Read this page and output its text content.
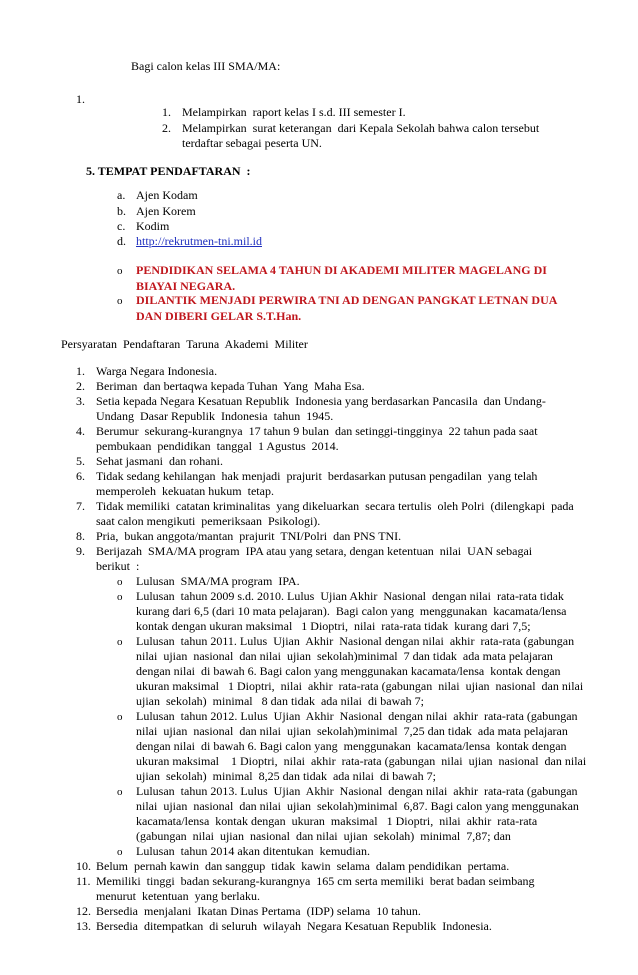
Bagi calon kelas III SMA/MA:
1.
1. Melampirkan  raport kelas I s.d. III semester I.
2. Melampirkan  surat keterangan  dari Kepala Sekolah bahwa calon tersebut
terdaftar sebagai peserta UN.
5. TEMPAT PENDAFTARAN  :
a. Ajen Kodam
b. Ajen Korem
c. Kodim
d. http://rekrutmen-tni.mil.id
o PENDIDIKAN SELAMA 4 TAHUN DI AKADEMI MILITER MAGELANG DI
BIAYAI NEGARA.
o DILANTIK MENJADI PERWIRA TNI AD DENGAN PANGKAT LETNAN DUA
DAN DIBERI GELAR S.T.Han.
Persyaratan  Pendaftaran  Taruna  Akademi  Militer
1. Warga Negara Indonesia.
2. Beriman  dan bertaqwa kepada Tuhan  Yang  Maha Esa.
3. Setia kepada Negara Kesatuan Republik  Indonesia yang berdasarkan Pancasila  dan Undang-
Undang  Dasar Republik  Indonesia  tahun  1945.
4. Berumur  sekurang-kurangnya  17 tahun 9 bulan  dan setinggi-tingginya  22 tahun pada saat
pembukaan  pendidikan  tanggal  1 Agustus  2014.
5. Sehat jasmani  dan rohani.
6. Tidak sedang kehilangan  hak menjadi  prajurit  berdasarkan putusan pengadilan  yang telah
memperoleh  kekuatan hukum  tetap.
7. Tidak memiliki  catatan kriminalitas  yang dikeluarkan  secara tertulis  oleh Polri  (dilengkapi  pada
saat calon mengikuti  pemeriksaan  Psikologi).
8. Pria,  bukan anggota/mantan  prajurit  TNI/Polri  dan PNS TNI.
9. Berijazah  SMA/MA program  IPA atau yang setara, dengan ketentuan  nilai  UAN sebagai
berikut  :
o Lulusan  SMA/MA program  IPA.
o Lulusan  tahun 2009 s.d. 2010. Lulus  Ujian Akhir  Nasional  dengan nilai  rata-rata tidak
kurang dari 6,5 (dari 10 mata pelajaran).  Bagi calon yang  menggunakan  kacamata/lensa
kontak dengan ukuran maksimal   1 Dioptri,  nilai  rata-rata tidak  kurang dari 7,5;
o Lulusan  tahun 2011. Lulus  Ujian  Akhir  Nasional dengan nilai  akhir  rata-rata (gabungan
nilai  ujian  nasional  dan nilai  ujian  sekolah)minimal  7 dan tidak  ada mata pelajaran
dengan nilai  di bawah 6. Bagi calon yang menggunakan kacamata/lensa  kontak dengan
ukuran maksimal   1 Dioptri,  nilai  akhir  rata-rata (gabungan  nilai  ujian  nasional  dan nilai
ujian  sekolah)  minimal   8 dan tidak  ada nilai  di bawah 7;
o Lulusan  tahun 2012. Lulus  Ujian  Akhir  Nasional  dengan nilai  akhir  rata-rata (gabungan
nilai  ujian  nasional  dan nilai  ujian  sekolah)minimal  7,25 dan tidak  ada mata pelajaran
dengan nilai  di bawah 6. Bagi calon yang  menggunakan  kacamata/lensa  kontak dengan
ukuran maksimal    1 Dioptri,  nilai  akhir  rata-rata (gabungan  nilai  ujian  nasional  dan nilai
ujian  sekolah)  minimal  8,25 dan tidak  ada nilai  di bawah 7;
o Lulusan  tahun 2013. Lulus  Ujian  Akhir  Nasional  dengan nilai  akhir  rata-rata (gabungan
nilai  ujian  nasional  dan nilai  ujian  sekolah)minimal  6,87. Bagi calon yang menggunakan
kacamata/lensa  kontak dengan  ukuran  maksimal   1 Dioptri,  nilai  akhir  rata-rata
(gabungan  nilai  ujian  nasional  dan nilai  ujian  sekolah)  minimal  7,87; dan
o Lulusan  tahun 2014 akan ditentukan  kemudian.
10. Belum  pernah kawin  dan sanggup  tidak  kawin  selama  dalam pendidikan  pertama.
11. Memiliki  tinggi  badan sekurang-kurangnya  165 cm serta memiliki  berat badan seimbang
menurut  ketentuan  yang berlaku.
12. Bersedia  menjalani  Ikatan Dinas Pertama  (IDP) selama  10 tahun.
13. Bersedia  ditempatkan  di seluruh  wilayah  Negara Kesatuan Republik  Indonesia.
